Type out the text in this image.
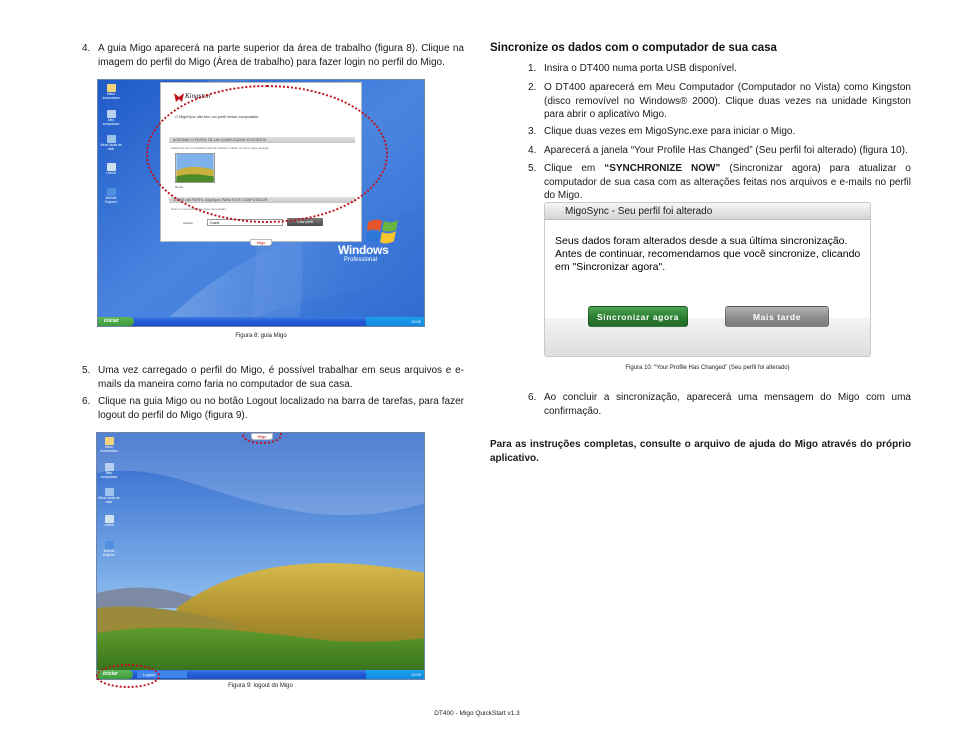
4. A guia Migo aparecerá na parte superior da área de trabalho (figura 8). Clique na imagem do perfil do Migo (Área de trabalho) para fazer login no perfil do Migo.
Meus documentos
Meu computador
Meus locais de rede
Lixeira
Internet Explorer
Windows
Professional
Kingston
O MigoSync não tem um perfil nesse computador.
ACESSAR O PERFIL DE UM COMPUTADOR EXISTENTE
Selecione seu computador favorito abaixo e clique no ícone para acessar
Nome
CRIAR UM PERFIL MigoSync PARA ESTE COMPUTADOR
Crie um novo perfil para este computador
Apelido	Guest	Criar perfil
Migo
iniciar	12:00
Figura 8: guia Migo
5. Uma vez carregado o perfil do Migo, é possível trabalhar em seus arquivos e e-mails da maneira como faria no computador de sua casa.
6. Clique na guia Migo ou no botão Logout localizado na barra de tarefas, para fazer logout do perfil do Migo (figura 9).
Meus documentos
Meu computador
Meus locais de rede
Lixeira
Internet Explorer
Migo
iniciar	Logout	12:00
Figura 9: logout do Migo
Sincronize os dados com o computador de sua casa
1. Insira o DT400 numa porta USB disponível.
2. O DT400 aparecerá em Meu Computador (Computador no Vista) como Kingston (disco removível no Windows® 2000). Clique duas vezes na unidade Kingston para abrir o aplicativo Migo.
3. Clique duas vezes em MigoSync.exe para iniciar o Migo.
4. Aparecerá a janela “Your Profile Has Changed” (Seu perfil foi alterado) (figura 10).
5. Clique em “SYNCHRONIZE NOW” (Sincronizar agora) para atualizar o computador de sua casa com as alterações feitas nos arquivos e e-mails no perfil do Migo.
MigoSync - Seu perfil foi alterado
Seus dados foram alterados desde a sua última sincronização. Antes de continuar, recomendamos que você sincronize, clicando em "Sincronizar agora".
Sincronizar agora	Mais tarde
Figura 10: “Your Profile Has Changed” (Seu perfil foi alterado)
6. Ao concluir a sincronização, aparecerá uma mensagem do Migo com uma confirmação.
Para as instruções completas, consulte o arquivo de ajuda do Migo através do próprio aplicativo.
DT400 - Migo QuickStart v1.3
